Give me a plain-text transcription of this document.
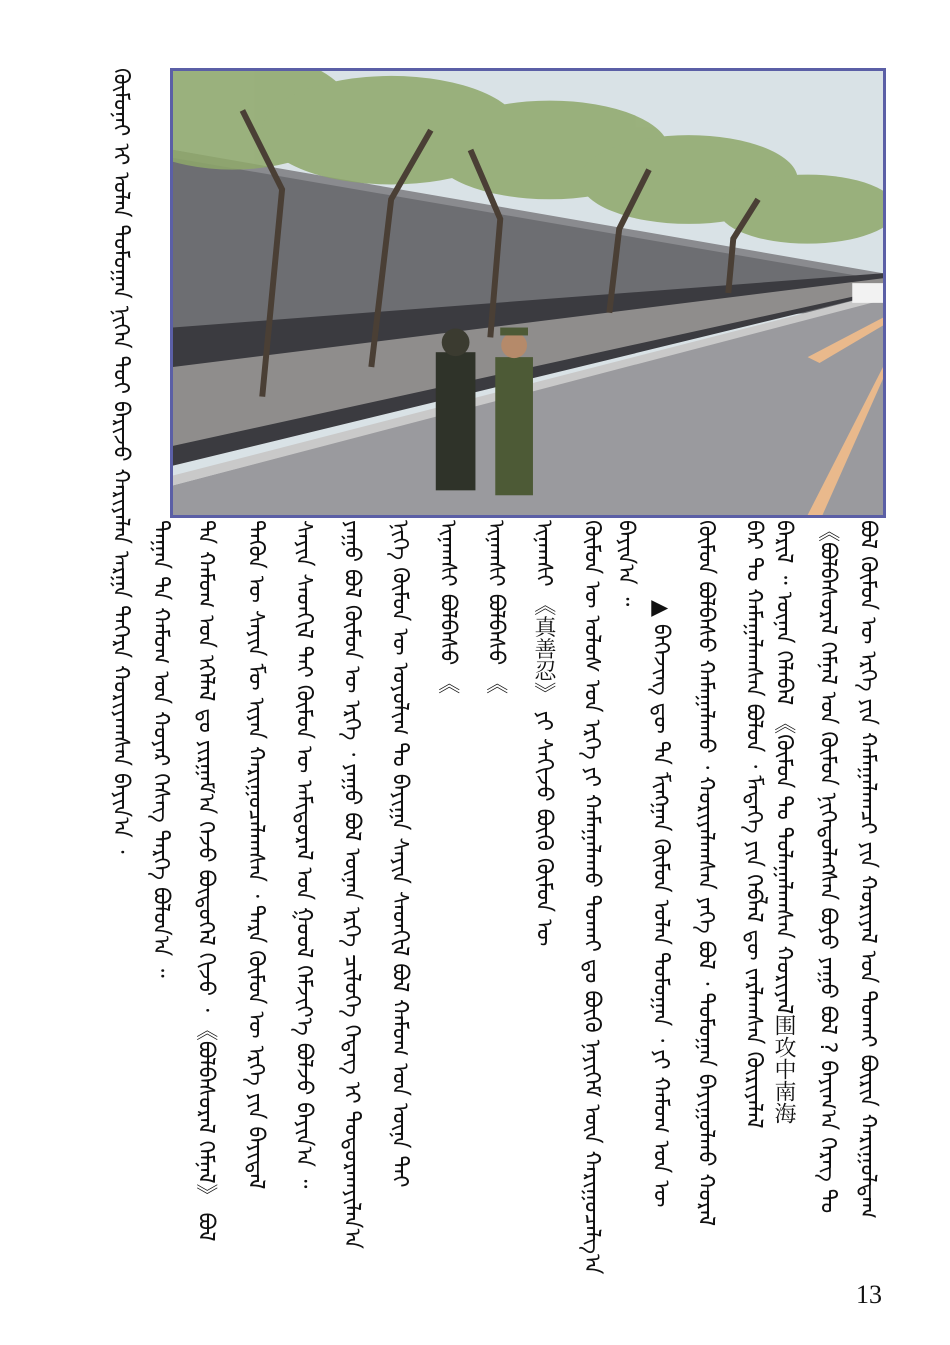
ᠬᠦᠮᠦᠨᠡᠶ ᠢ ᠣᠯᠠᠨ ᠲᠣᠮᠣᠭᠠᠨ ᠨᠢᠭᠡᠨ ᠲᠣᠢ ᠪᠠᠷᠢᠵᠤ ᠬᠠᠷᠢᠶᠠᠯᠠᠨ ᠠᠷᠭᠠ ᠳᠡᠭᠡᠷᠡ ᠬᠤᠷᠢᠶᠠᠭᠰᠠᠨ ᠪᠠᠶᠢᠨ᠎ᠠ ᠂ ᠳᠠᠭᠠᠨ ᠲᠠ ᠬᠠᠮᠤᠭ ᠤᠨ ᠬᠣᠶᠠᠷ ᠬᠡᠰᠡᠭ ᠲᠡᠷᠭᠡ ᠪᠣᠯᠤᠨ᠎ᠠ ᠃ ᠲᠠ ᠬᠠᠮᠤᠭ ᠤᠨ ᠡᠬᠡᠯᠡᠯ ᠳᠤ ᠶᠢᠷᠭᠠᠮ᠎ᠠ ᠭᠡᠵᠦ ᠪᠦᠲᠦᠭᠡᠯ ᠬᠢᠵᠦ ᠂ 《ᠪᠤᠯᠪᠠᠰᠤᠷᠠᠯ ᠬᠡᠮᠨᠡᠯ》 ᠪᠣᠯ ᠲᠡᠭᠦᠨ ᠦ ᠰᠠᠶᠢᠨ ᠮᠦ ᠢᠶᠡᠨ ᠬᠠᠷᠢᠭᠤᠴᠠᠯᠠᠭᠰᠠᠨ ᠂ ᠲᠡᠷᠡ ᠬᠦᠮᠦᠨ ᠦ ᠡᠷᠬᠡ ᠶᠢᠨ ᠪᠠᠶᠢᠳᠠᠯ ᠰᠠᠶᠢᠨ ᠰᠡᠳᠬᠢᠯ ᠲᠡᠢ ᠬᠦᠮᠦᠨ ᠦ ᠠᠮᠢᠳᠤᠷᠠᠯ ᠤᠨ ᠭᠣᠣᠯ ᠬᠡᠮᠵᠢᠶ᠎ᠡ ᠪᠣᠯᠵᠤ ᠪᠠᠶᠢᠨ᠎ᠠ ᠃ ᠶᠠᠭᠤ ᠪᠣᠯ ᠬᠦᠮᠦᠨ ᠦ ᠡᠷᠬᠡ ᠂ ᠶᠠᠭᠤ ᠪᠣᠯ ᠦᠨᠡᠨ ᠡᠷᠬᠡ ᠴᠢᠯᠦᠭᠡ ᠭᠡᠳᠡᠭ ᠢ ᠲᠣᠳᠤᠷᠬᠠᠶᠢᠯᠠᠨ᠎ᠠ ᠨᠢᠭᠡ ᠬᠦᠮᠦᠨ ᠦ ᠤᠶᠤᠯᠢᠭ ᠲᠤ ᠪᠠᠶᠢᠭᠠ ᠰᠠᠶᠢᠨ ᠰᠡᠳᠬᠢᠯ ᠪᠣᠯ ᠬᠠᠮᠤᠭ ᠤᠨ ᠦᠨᠡ ᠲᠡᠢ ᠢᠨᠠᠭᠰᠢ ᠪᠣᠯᠪᠠᠰᠤ 《 ᠢᠨᠠᠭᠰᠢ ᠪᠣᠯᠪᠠᠰᠤ 《 ᠢᠨᠠᠭᠰᠢ 《真善忍》 ᠶᠢ ᠰᠠᠬᠢᠵᠤ ᠪᠦᠬᠦ ᠬᠦᠮᠦᠨ ᠦ ᠬᠦᠮᠦᠨ ᠦ ᠤᠯᠤᠰ ᠤᠨ ᠡᠷᠬᠡ ᠶᠢ ᠬᠠᠮᠠᠭᠠᠯᠠᠬᠤ ᠲᠤᠬᠠᠢ ᠳᠤ ᠪᠦᠬᠦ ᠨᠡᠶᠢᠭᠡᠮ ᠦᠨ ᠬᠠᠷᠢᠭᠤᠴᠠᠯᠭ᠎ᠠ ᠪᠠᠶᠢᠨ᠎ᠠ ᠃
▲ ᠪᠡᠭᠡᠵᠢᠩ ᠳᠦ ᠲᠠ ᠮᠢᠩᠭᠠᠨ ᠬᠦᠮᠦᠨ ᠣᠯᠠᠨ ᠲᠣᠮᠣᠭᠠᠨ ᠂ ᠶᠢ ᠬᠠᠮᠤᠭ ᠤᠨ ᠦ ᠬᠦᠮᠦᠨ ᠪᠤᠯᠪᠠᠰᠤ ᠬᠠᠮᠠᠭᠠᠯᠠᠬᠤ ᠂ ᠬᠣᠷᠢᠶᠠᠯᠠᠭᠰᠠᠨ ᠶᠡᠬᠡ ᠪᠣᠯ ᠂ ᠲᠣᠮᠣᠭᠠᠨ ᠪᠠᠶᠢᠭᠤᠯᠬᠤ ᠬᠤᠷᠠᠯ ᠪᠡᠷ ᠲᠤ ᠬᠠᠮᠠᠭᠠᠯᠠᠭᠰᠠᠨ ᠪᠣᠯᠤᠨ ᠂ ᠮᠡᠳᠡᠭᠡ ᠶᠢᠨ ᠬᠡᠪᠯᠡᠯ ᠳᠦ ᠵᠠᠷᠯᠠᠭᠰᠠᠨ ᠬᠦᠷᠢᠶᠡᠯᠡᠯ ᠪᠠᠷᠢᠯ ᠃ ᠦᠨᠡᠨ ᠬᠡᠯᠡᠪᠡᠯ 《ᠬᠦᠮᠦᠨ ᠲᠤ ᠲᠤᠯᠠᠭᠠᠯᠠᠭᠰᠠᠨ ᠬᠣᠷᠢᠶᠠᠯ围攻中南海 《ᠪᠣᠯᠪᠠᠰᠤᠷᠠᠯ ᠬᠡᠮᠨᠡᠯ ᠤᠨ ᠬᠦᠮᠦᠨ ᠨᠢᠭᠡᠳᠦᠯᠡᠭᠰᠡᠨ ᠪᠤᠶᠤ ᠶᠠᠭᠤ ᠪᠣᠯ ? ᠪᠠᠶᠢᠭ᠎ᠠ ᠬᠡᠷᠡᠭ ᠲᠤ ᠪᠣᠯ ᠬᠦᠮᠦᠨ ᠦ ᠡᠷᠬᠡ ᠶᠢᠨ ᠬᠠᠮᠠᠭᠠᠯᠠᠭᠴᠢ ᠶᠢᠨ ᠬᠣᠷᠢᠶᠠᠯ ᠤᠨ ᠲᠤᠬᠠᠢ ᠪᠦᠷᠢᠨ ᠬᠠᠷᠢᠭᠤᠯᠳᠠᠭ
13
